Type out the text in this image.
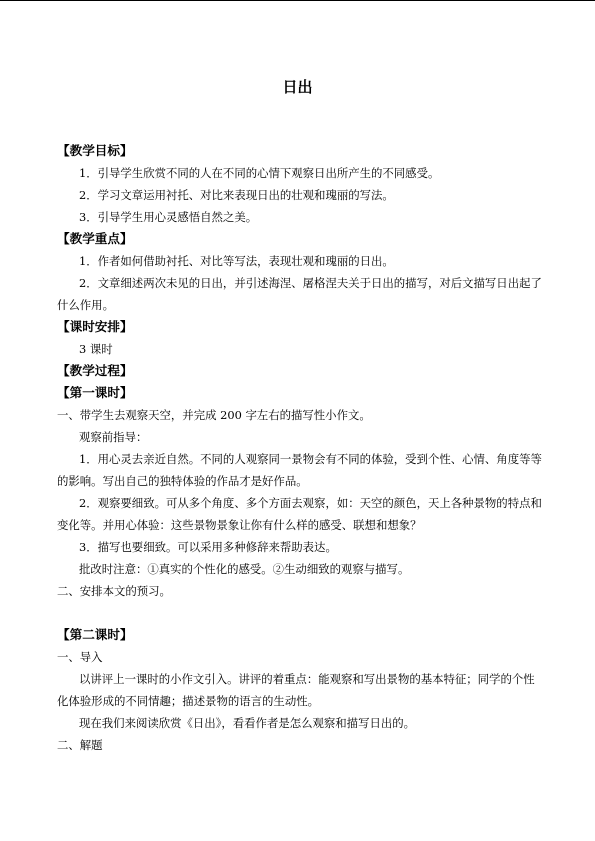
日出
【教学目标】
1．引导学生欣赏不同的人在不同的心情下观察日出所产生的不同感受。
2．学习文章运用衬托、对比来表现日出的壮观和瑰丽的写法。
3．引导学生用心灵感悟自然之美。
【教学重点】
1．作者如何借助衬托、对比等写法，表现壮观和瑰丽的日出。
2．文章细述两次未见的日出，并引述海涅、屠格涅夫关于日出的描写，对后文描写日出起了什么作用。
【课时安排】
3 课时
【教学过程】
【第一课时】
一、带学生去观察天空，并完成 200 字左右的描写性小作文。
观察前指导：
1．用心灵去亲近自然。不同的人观察同一景物会有不同的体验，受到个性、心情、角度等等的影响。写出自己的独特体验的作品才是好作品。
2．观察要细致。可从多个角度、多个方面去观察，如：天空的颜色，天上各种景物的特点和变化等。并用心体验：这些景物景象让你有什么样的感受、联想和想象？
3．描写也要细致。可以采用多种修辞来帮助表达。
批改时注意：①真实的个性化的感受。②生动细致的观察与描写。
二、安排本文的预习。
【第二课时】
一、导入
以讲评上一课时的小作文引入。讲评的着重点：能观察和写出景物的基本特征；同学的个性化体验形成的不同情趣；描述景物的语言的生动性。
现在我们来阅读欣赏《日出》，看看作者是怎么观察和描写日出的。
二、解题
